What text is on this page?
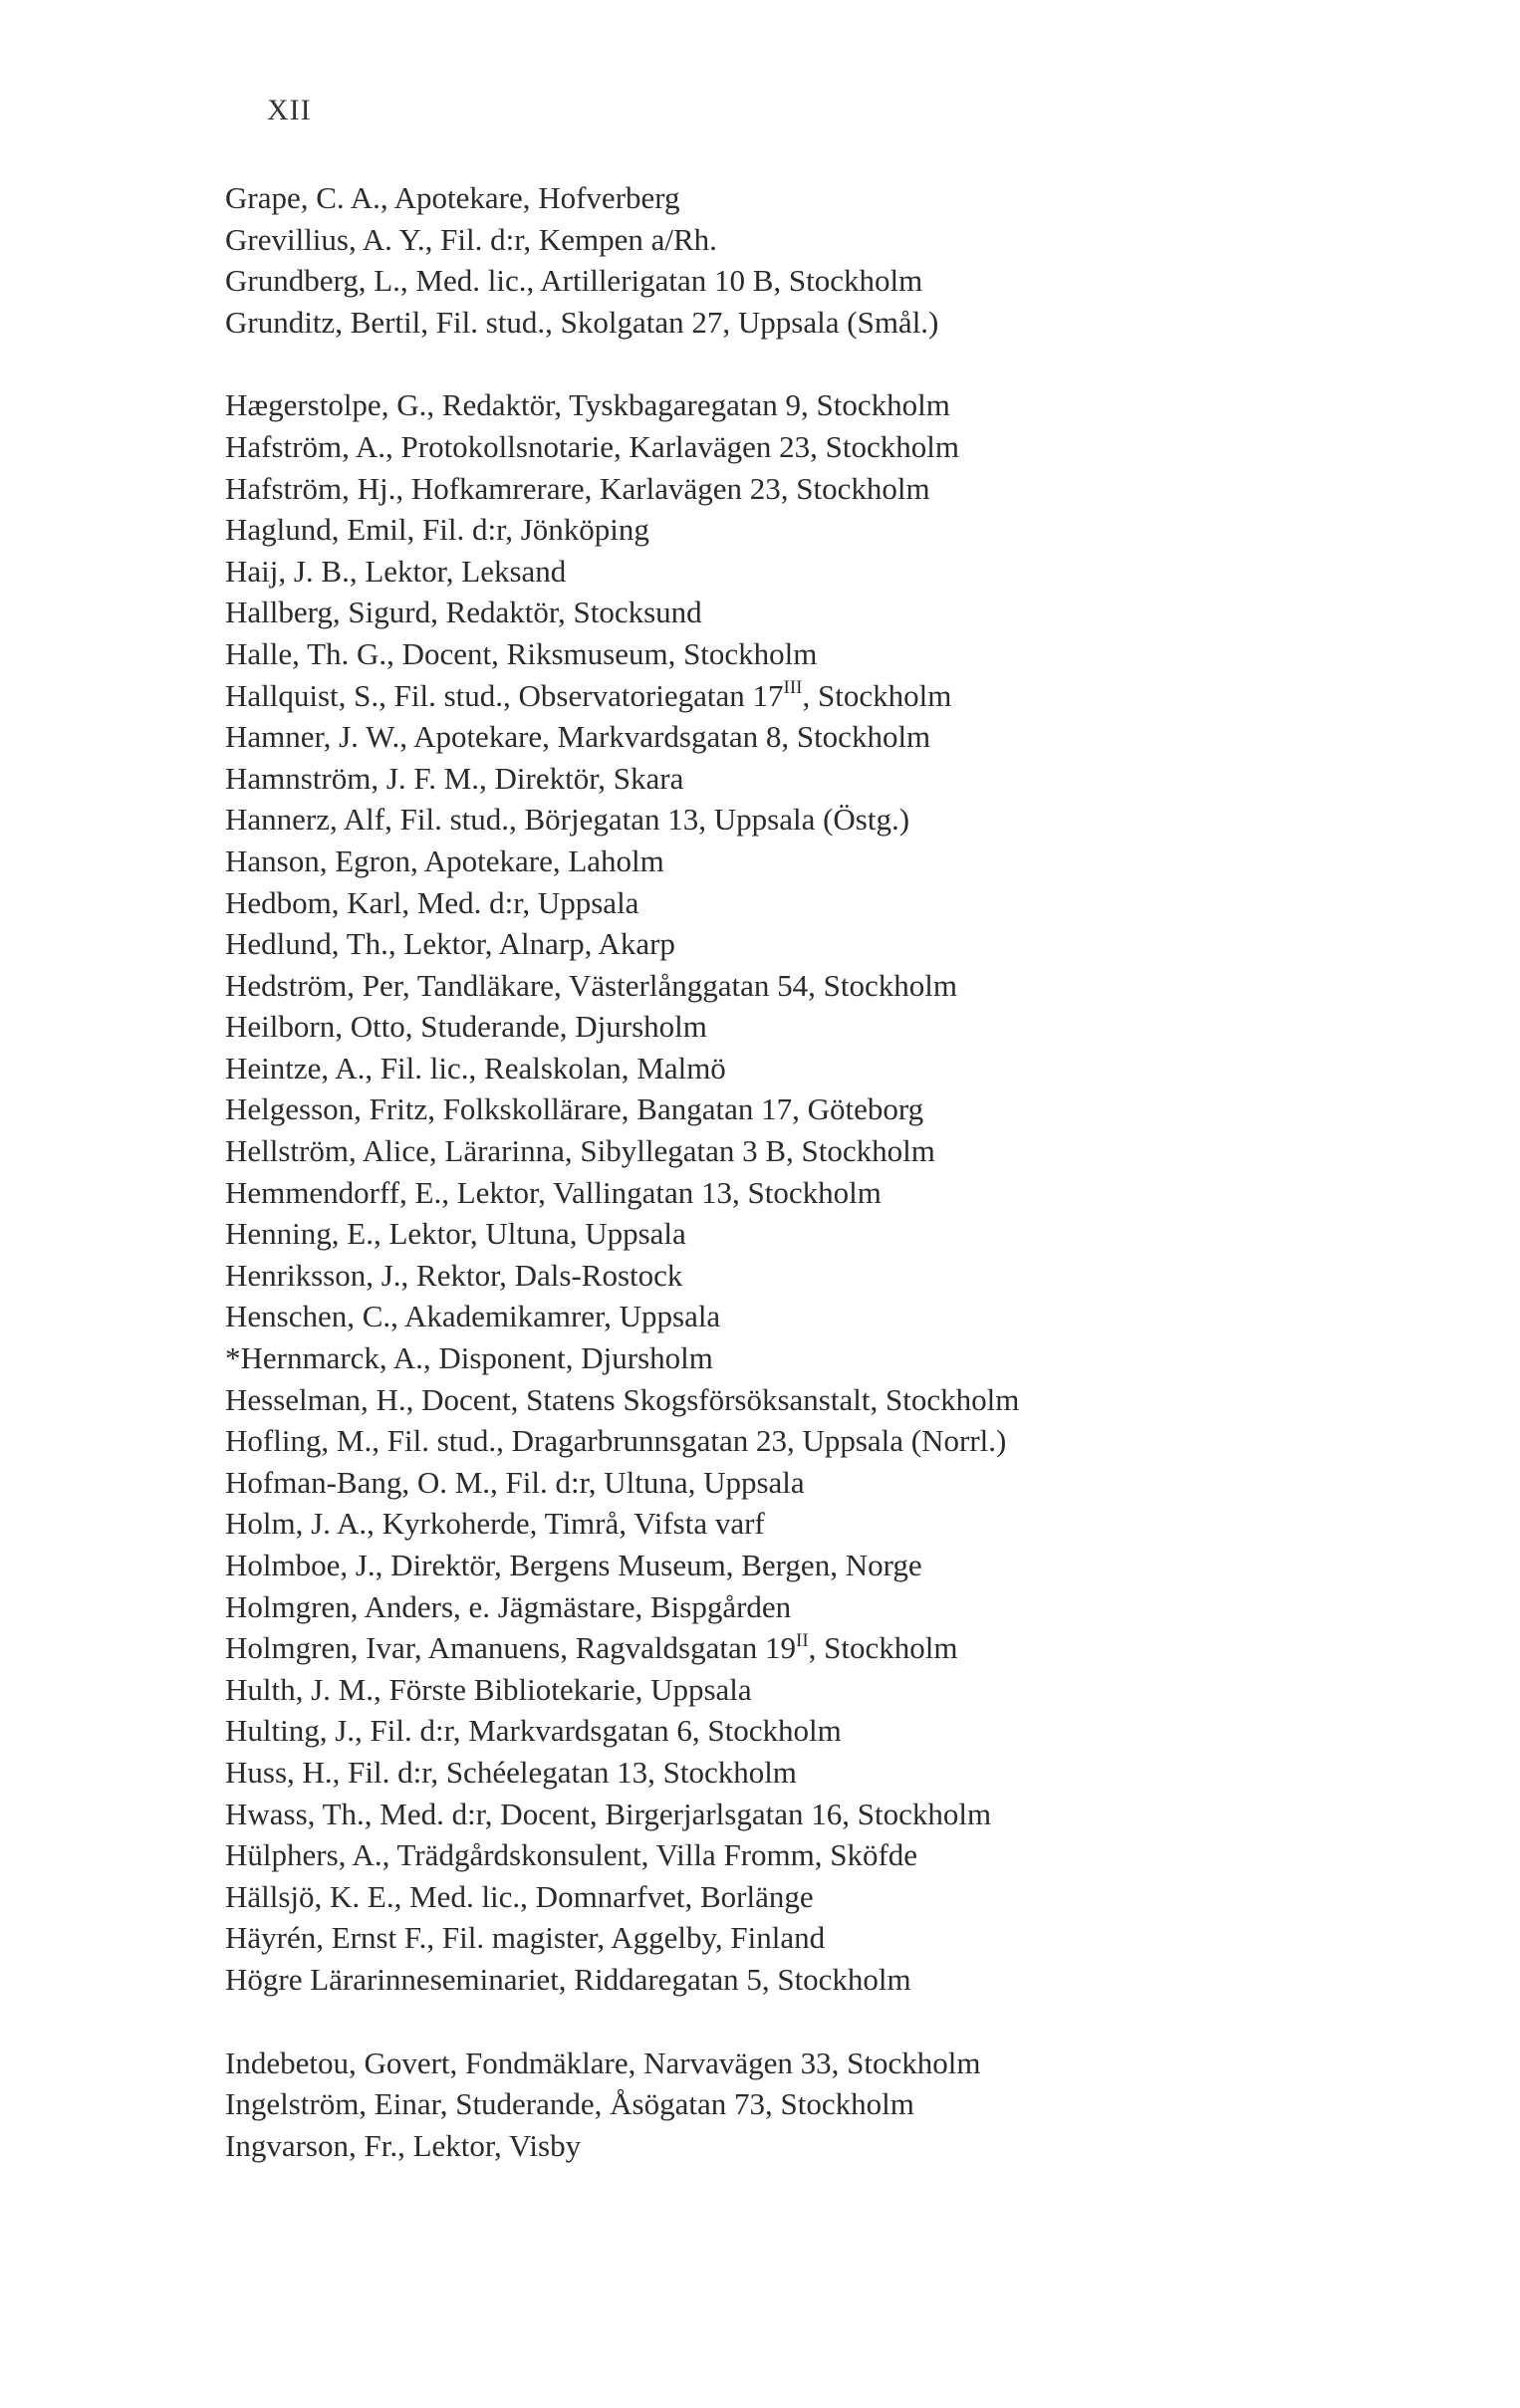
XII
Grape, C. A., Apotekare, Hofverberg
Grevillius, A. Y., Fil. d:r, Kempen a/Rh.
Grundberg, L., Med. lic., Artillerigatan 10 B, Stockholm
Grunditz, Bertil, Fil. stud., Skolgatan 27, Uppsala (Smål.)
Hægerstolpe, G., Redaktör, Tyskbagaregatan 9, Stockholm
Hafström, A., Protokollsnotarie, Karlavägen 23, Stockholm
Hafström, Hj., Hofkamrerare, Karlavägen 23, Stockholm
Haglund, Emil, Fil. d:r, Jönköping
Haij, J. B., Lektor, Leksand
Hallberg, Sigurd, Redaktör, Stocksund
Halle, Th. G., Docent, Riksmuseum, Stockholm
Hallquist, S., Fil. stud., Observatoriegatan $17^{III}$, Stockholm
Hamner, J. W., Apotekare, Markvardsgatan 8, Stockholm
Hamnström, J. F. M., Direktör, Skara
Hannerz, Alf, Fil. stud., Börjegatan 13, Uppsala (Östg.)
Hanson, Egron, Apotekare, Laholm
Hedbom, Karl, Med. d:r, Uppsala
Hedlund, Th., Lektor, Alnarp, Akarp
Hedström, Per, Tandläkare, Västerlånggatan 54, Stockholm
Heilborn, Otto, Studerande, Djursholm
Heintze, A., Fil. lic., Realskolan, Malmö
Helgesson, Fritz, Folkskollärare, Bangatan 17, Göteborg
Hellström, Alice, Lärarinna, Sibyllegatan 3 B, Stockholm
Hemmendorff, E., Lektor, Vallingatan 13, Stockholm
Henning, E., Lektor, Ultuna, Uppsala
Henriksson, J., Rektor, Dals-Rostock
Henschen, C., Akademikamrer, Uppsala
*Hernmarck, A., Disponent, Djursholm
Hesselman, H., Docent, Statens Skogsförsöksanstalt, Stockholm
Hofling, M., Fil. stud., Dragarbrunnsgatan 23, Uppsala (Norrl.)
Hofman-Bang, O. M., Fil. d:r, Ultuna, Uppsala
Holm, J. A., Kyrkoherde, Timrå, Vifsta varf
Holmboe, J., Direktör, Bergens Museum, Bergen, Norge
Holmgren, Anders, e. Jägmästare, Bispgården
Holmgren, Ivar, Amanuens, Ragvaldsgatan $19^{II}$, Stockholm
Hulth, J. M., Förste Bibliotekarie, Uppsala
Hulting, J., Fil. d:r, Markvardsgatan 6, Stockholm
Huss, H., Fil. d:r, Schéelegatan 13, Stockholm
Hwass, Th., Med. d:r, Docent, Birgerjarlsgatan 16, Stockholm
Hülphers, A., Trädgårdskonsulent, Villa Fromm, Sköfde
Hällsjö, K. E., Med. lic., Domnarfvet, Borlänge
Häyrén, Ernst F., Fil. magister, Aggelby, Finland
Högre Lärarinneseminariet, Riddaregatan 5, Stockholm
Indebetou, Govert, Fondmäklare, Narvavägen 33, Stockholm
Ingelström, Einar, Studerande, Åsögatan 73, Stockholm
Ingvarson, Fr., Lektor, Visby
